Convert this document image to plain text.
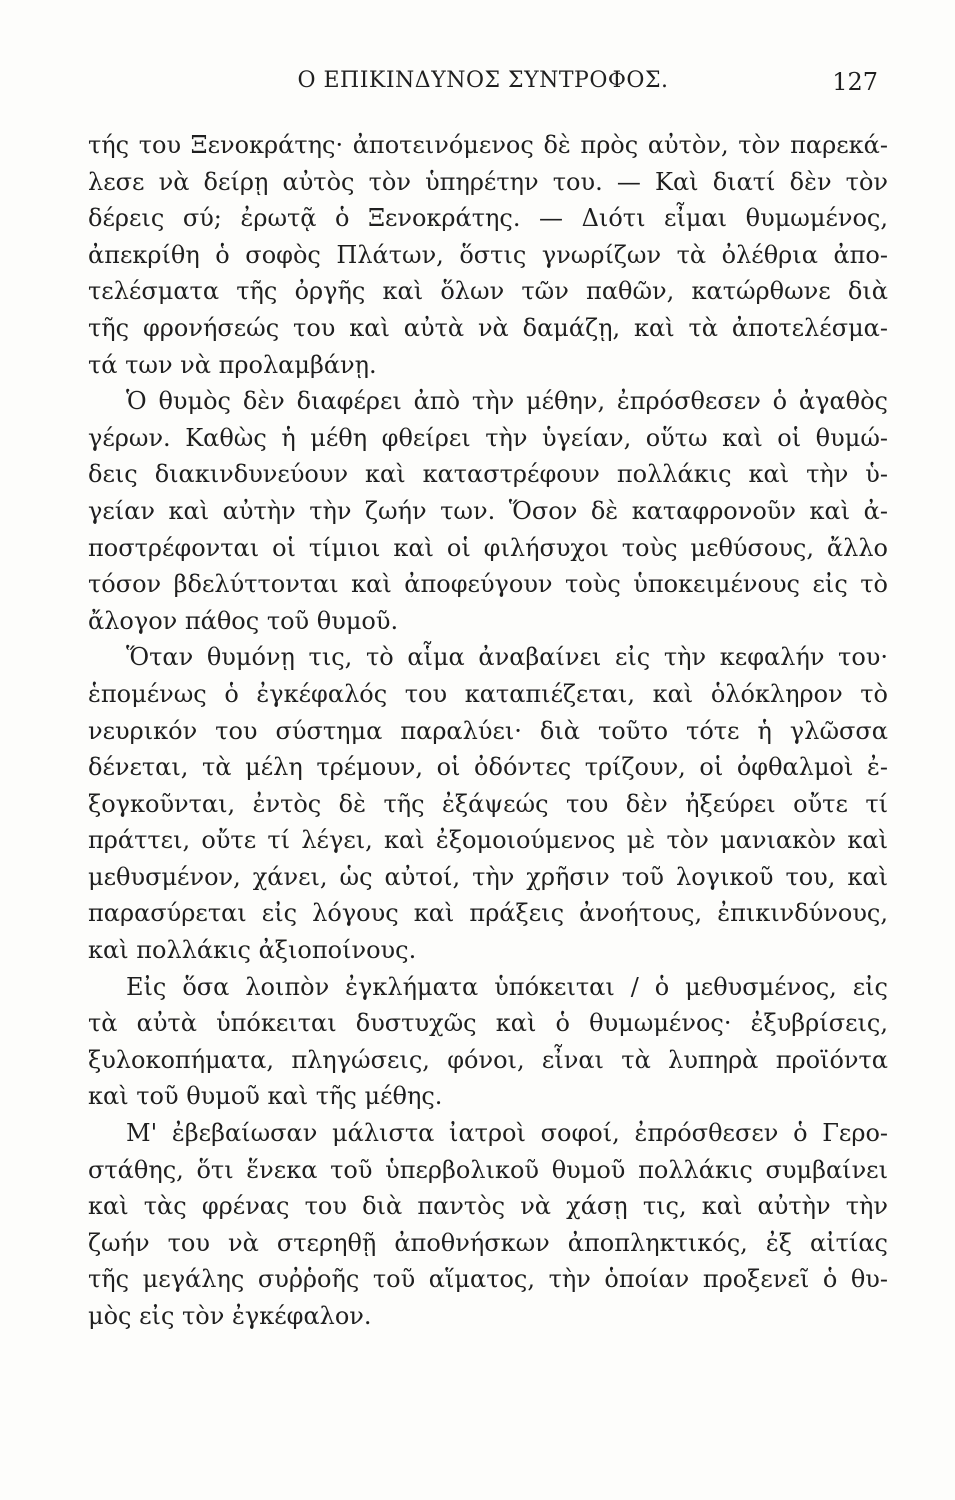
Ο ΕΠΙΚΙΝΔΥΝΟΣ ΣΥΝΤΡΟΦΟΣ.	127
τής του Ξενοκράτης· ἀποτεινόμενος δὲ πρὸς αὐτὸν, τὸν παρεκά-
λεσε νὰ δείρῃ αὐτὸς τὸν ὑπηρέτην του. — Καὶ διατί δὲν τὸν
δέρεις σύ; ἐρωτᾷ ὁ Ξενοκράτης. — Διότι εἶμαι θυμωμένος,
ἀπεκρίθη ὁ σοφὸς Πλάτων, ὅστις γνωρίζων τὰ ὀλέθρια ἀπο-
τελέσματα τῆς ὀργῆς καὶ ὅλων τῶν παθῶν, κατώρθωνε διὰ
τῆς φρονήσεώς του καὶ αὐτὰ νὰ δαμάζῃ, καὶ τὰ ἀποτελέσμα-
τά των νὰ προλαμβάνῃ.
Ὁ θυμὸς δὲν διαφέρει ἀπὸ τὴν μέθην, ἐπρόσθεσεν ὁ ἀγαθὸς
γέρων. Καθὼς ἡ μέθη φθείρει τὴν ὑγείαν, οὕτω καὶ οἱ θυμώ-
δεις διακινδυνεύουν καὶ καταστρέφουν πολλάκις καὶ τὴν ὑ-
γείαν καὶ αὐτὴν τὴν ζωήν των. Ὅσον δὲ καταφρονοῦν καὶ ἀ-
ποστρέφονται οἱ τίμιοι καὶ οἱ φιλήσυχοι τοὺς μεθύσους, ἄλλο
τόσον βδελύττονται καὶ ἀποφεύγουν τοὺς ὑποκειμένους εἰς τὸ
ἄλογον πάθος τοῦ θυμοῦ.
Ὅταν θυμόνῃ τις, τὸ αἷμα ἀναβαίνει εἰς τὴν κεφαλήν του·
ἑπομένως ὁ ἐγκέφαλός του καταπιέζεται, καὶ ὁλόκληρον τὸ
νευρικόν του σύστημα παραλύει· διὰ τοῦτο τότε ἡ γλῶσσα
δένεται, τὰ μέλη τρέμουν, οἱ ὀδόντες τρίζουν, οἱ ὀφθαλμοὶ ἐ-
ξογκοῦνται, ἐντὸς δὲ τῆς ἐξάψεώς του δὲν ἠξεύρει οὔτε τί
πράττει, οὔτε τί λέγει, καὶ ἐξομοιούμενος μὲ τὸν μανιακὸν καὶ
μεθυσμένον, χάνει, ὡς αὐτοί, τὴν χρῆσιν τοῦ λογικοῦ του, καὶ
παρασύρεται εἰς λόγους καὶ πράξεις ἀνοήτους, ἐπικινδύνους,
καὶ πολλάκις ἀξιοποίνους.
Εἰς ὅσα λοιπὸν ἐγκλήματα ὑπόκειται / ὁ μεθυσμένος, εἰς
τὰ αὐτὰ ὑπόκειται δυστυχῶς καὶ ὁ θυμωμένος· ἐξυβρίσεις,
ξυλοκοπήματα, πληγώσεις, φόνοι, εἶναι τὰ λυπηρὰ προϊόντα
καὶ τοῦ θυμοῦ καὶ τῆς μέθης.
Μ' ἐβεβαίωσαν μάλιστα ἰατροὶ σοφοί, ἐπρόσθεσεν ὁ Γερο-
στάθης, ὅτι ἕνεκα τοῦ ὑπερβολικοῦ θυμοῦ πολλάκις συμβαίνει
καὶ τὰς φρένας του διὰ παντὸς νὰ χάσῃ τις, καὶ αὐτὴν τὴν
ζωήν του νὰ στερηθῇ ἀποθνήσκων ἀποπληκτικός, ἐξ αἰτίας
τῆς μεγάλης συῤῥοῆς τοῦ αἵματος, τὴν ὁποίαν προξενεῖ ὁ θυ-
μὸς εἰς τὸν ἐγκέφαλον.
